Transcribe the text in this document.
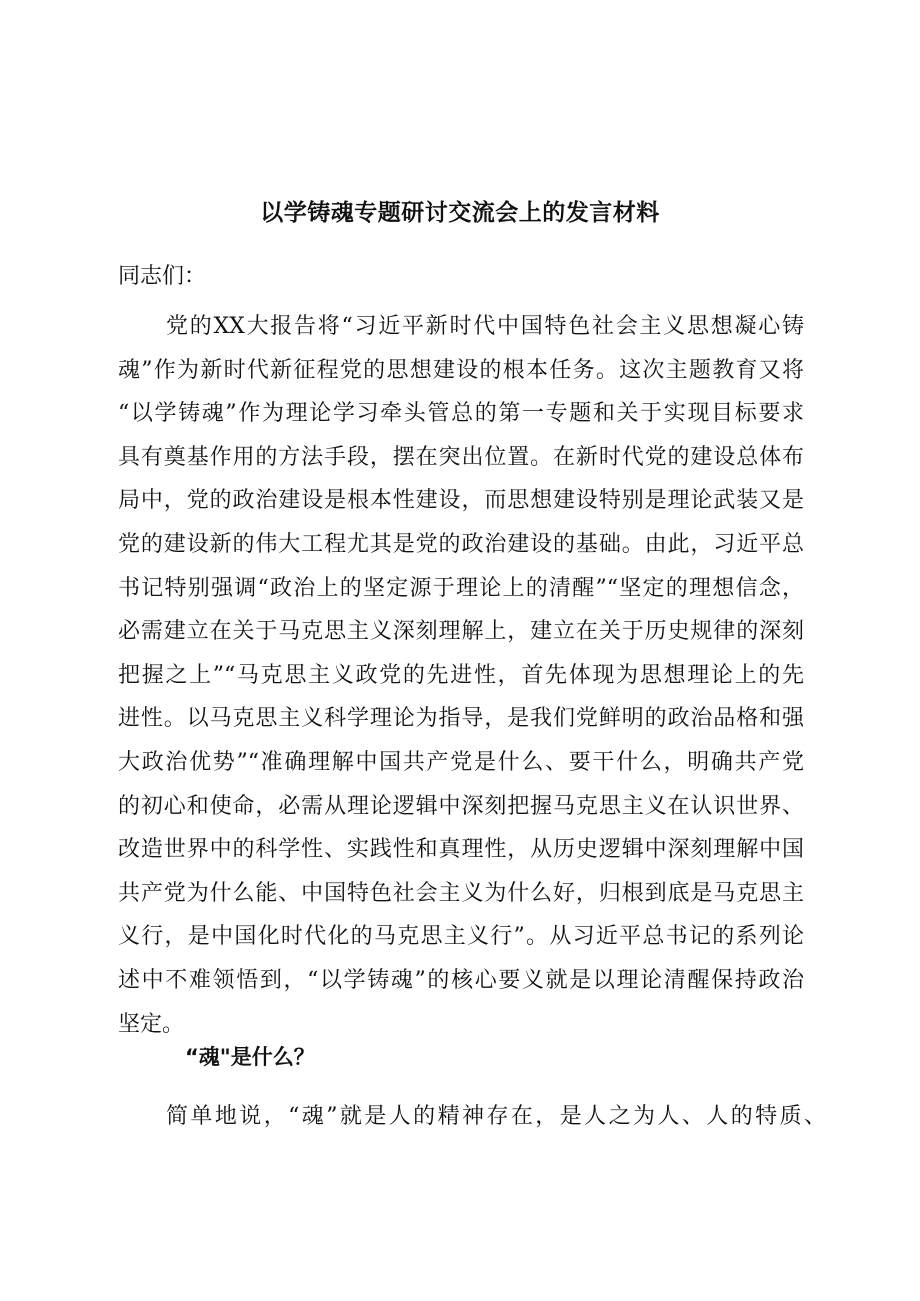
以学铸魂专题研讨交流会上的发言材料

同志们：

党的XX大报告将“习近平新时代中国特色社会主义思想凝心铸
魂”作为新时代新征程党的思想建设的根本任务。这次主题教育又将
“以学铸魂”作为理论学习牵头管总的第一专题和关于实现目标要求
具有奠基作用的方法手段，摆在突出位置。在新时代党的建设总体布
局中，党的政治建设是根本性建设，而思想建设特别是理论武装又是
党的建设新的伟大工程尤其是党的政治建设的基础。由此，习近平总
书记特别强调“政治上的坚定源于理论上的清醒”“坚定的理想信念，
必需建立在关于马克思主义深刻理解上，建立在关于历史规律的深刻
把握之上”“马克思主义政党的先进性，首先体现为思想理论上的先
进性。以马克思主义科学理论为指导，是我们党鲜明的政治品格和强
大政治优势”“准确理解中国共产党是什么、要干什么，明确共产党
的初心和使命，必需从理论逻辑中深刻把握马克思主义在认识世界、
改造世界中的科学性、实践性和真理性，从历史逻辑中深刻理解中国
共产党为什么能、中国特色社会主义为什么好，归根到底是马克思主
义行，是中国化时代化的马克思主义行”。从习近平总书记的系列论
述中不难领悟到，“以学铸魂”的核心要义就是以理论清醒保持政治
坚定。
“魂"是什么？
简单地说，“魂”就是人的精神存在，是人之为人、人的特质、
